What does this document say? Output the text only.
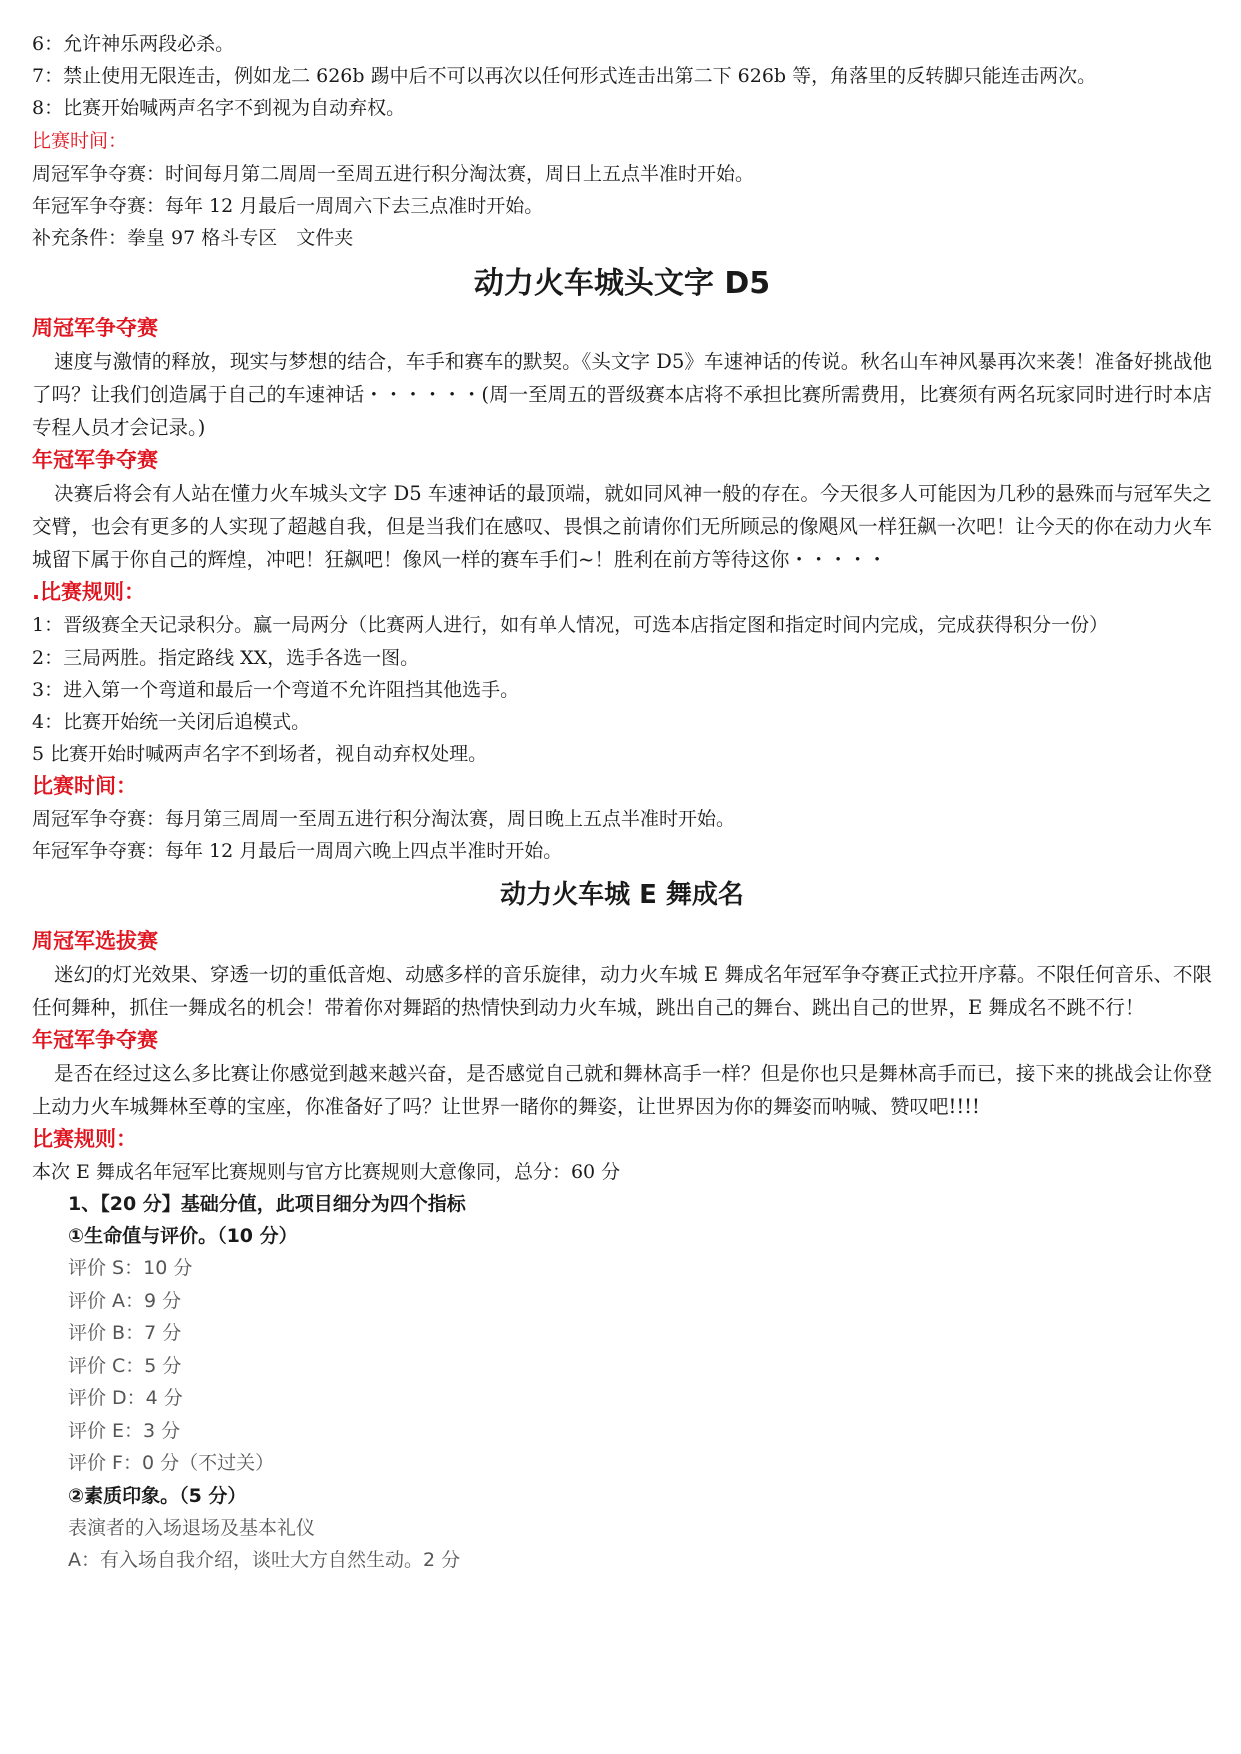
6：允许神乐两段必杀。

7：禁止使用无限连击，例如龙二 626b 踢中后不可以再次以任何形式连击出第二下 626b 等，角落里的反转脚只能连击两次。

8：比赛开始喊两声名字不到视为自动弃权。

比赛时间：

周冠军争夺赛：时间每月第二周周一至周五进行积分淘汰赛，周日上五点半准时开始。

年冠军争夺赛：每年 12 月最后一周周六下去三点准时开始。

补充条件：拳皇 97 格斗专区　文件夹

动力火车城头文字 D5

周冠军争夺赛

速度与激情的释放，现实与梦想的结合，车手和赛车的默契。《头文字 D5》车速神话的传说。秋名山车神风暴再次来袭！准备好挑战他了吗？让我们创造属于自己的车速神话・・・・・・(周一至周五的晋级赛本店将不承担比赛所需费用，比赛须有两名玩家同时进行时本店专程人员才会记录。)

年冠军争夺赛

决赛后将会有人站在懂力火车城头文字 D5 车速神话的最顶端，就如同风神一般的存在。今天很多人可能因为几秒的悬殊而与冠军失之交臂，也会有更多的人实现了超越自我，但是当我们在感叹、畏惧之前请你们无所顾忌的像飓风一样狂飙一次吧！让今天的你在动力火车城留下属于你自己的辉煌，冲吧！狂飙吧！像风一样的赛车手们~！胜利在前方等待这你・・・・・

.比赛规则：

1：晋级赛全天记录积分。赢一局两分（比赛两人进行，如有单人情况，可选本店指定图和指定时间内完成，完成获得积分一份）

2：三局两胜。指定路线 XX，选手各选一图。

3：进入第一个弯道和最后一个弯道不允许阻挡其他选手。

4：比赛开始统一关闭后追模式。

5 比赛开始时喊两声名字不到场者，视自动弃权处理。

比赛时间：

周冠军争夺赛：每月第三周周一至周五进行积分淘汰赛，周日晚上五点半准时开始。

年冠军争夺赛：每年 12 月最后一周周六晚上四点半准时开始。

动力火车城 E 舞成名

周冠军选拔赛

迷幻的灯光效果、穿透一切的重低音炮、动感多样的音乐旋律，动力火车城 E 舞成名年冠军争夺赛正式拉开序幕。不限任何音乐、不限任何舞种，抓住一舞成名的机会！带着你对舞蹈的热情快到动力火车城，跳出自己的舞台、跳出自己的世界，E 舞成名不跳不行！

年冠军争夺赛

是否在经过这么多比赛让你感觉到越来越兴奋，是否感觉自己就和舞林高手一样？但是你也只是舞林高手而已，接下来的挑战会让你登上动力火车城舞林至尊的宝座，你准备好了吗？让世界一睹你的舞姿，让世界因为你的舞姿而呐喊、赞叹吧!!!!

比赛规则：

本次 E 舞成名年冠军比赛规则与官方比赛规则大意像同，总分：60 分

1、【20 分】基础分值，此项目细分为四个指标

①生命值与评价。（10 分）

评价 S：10 分

评价 A：9 分

评价 B：7 分

评价 C：5 分

评价 D：4 分

评价 E：3 分

评价 F：0 分（不过关）

②素质印象。（5 分）

表演者的入场退场及基本礼仪

A：有入场自我介绍，谈吐大方自然生动。2 分
